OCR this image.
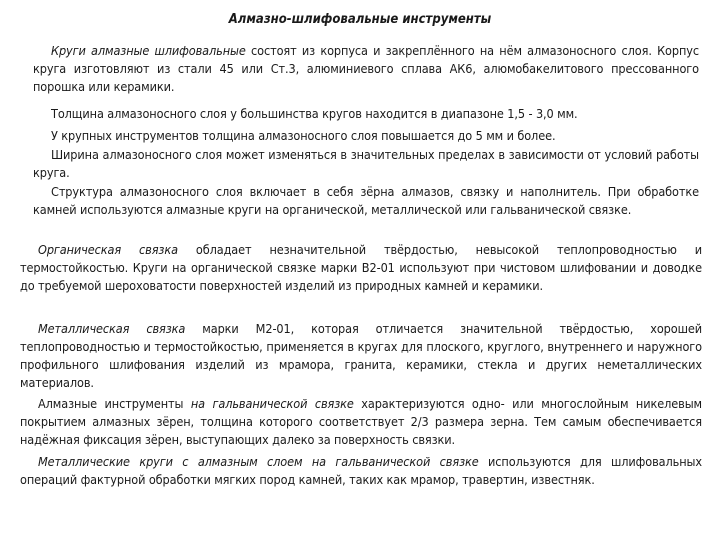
Алмазно-шлифовальные инструменты

Круги алмазные шлифовальные состоят из корпуса и закреплённого на нём алмазоносного слоя. Корпус круга изготовляют из стали 45 или Ст.3, алюминиевого сплава АК6, алюмобакелитового прессованного порошка или керамики.

Толщина алмазоносного слоя у большинства кругов находится в диапазоне 1,5 - 3,0 мм.

У крупных инструментов толщина алмазоносного слоя повышается до 5 мм и более.

Ширина алмазоносного слоя может изменяться в значительных пределах в зависимости от условий работы круга.

Структура алмазоносного слоя включает в себя зёрна алмазов, связку и наполнитель. При обработке камней используются алмазные круги на органической, металлической или гальванической связке.

Органическая связка обладает незначительной твёрдостью, невысокой теплопроводностью и термостойкостью. Круги на органической связке марки В2-01 используют при чистовом шлифовании и доводке до требуемой шероховатости поверхностей изделий из природных камней и керамики.

Металлическая связка марки М2-01, которая отличается значительной твёрдостью, хорошей теплопроводностью и термостойкостью, применяется в кругах для плоского, круглого, внутреннего и наружного профильного шлифования изделий из мрамора, гранита, керамики, стекла и других неметаллических материалов.

Алмазные инструменты на гальванической связке характеризуются одно- или многослойным никелевым покрытием алмазных зёрен, толщина которого соответствует 2/3 размера зерна. Тем самым обеспечивается надёжная фиксация зёрен, выступающих далеко за поверхность связки.

Металлические круги с алмазным слоем на гальванической связке используются для шлифовальных операций фактурной обработки мягких пород камней, таких как мрамор, травертин, известняк.
